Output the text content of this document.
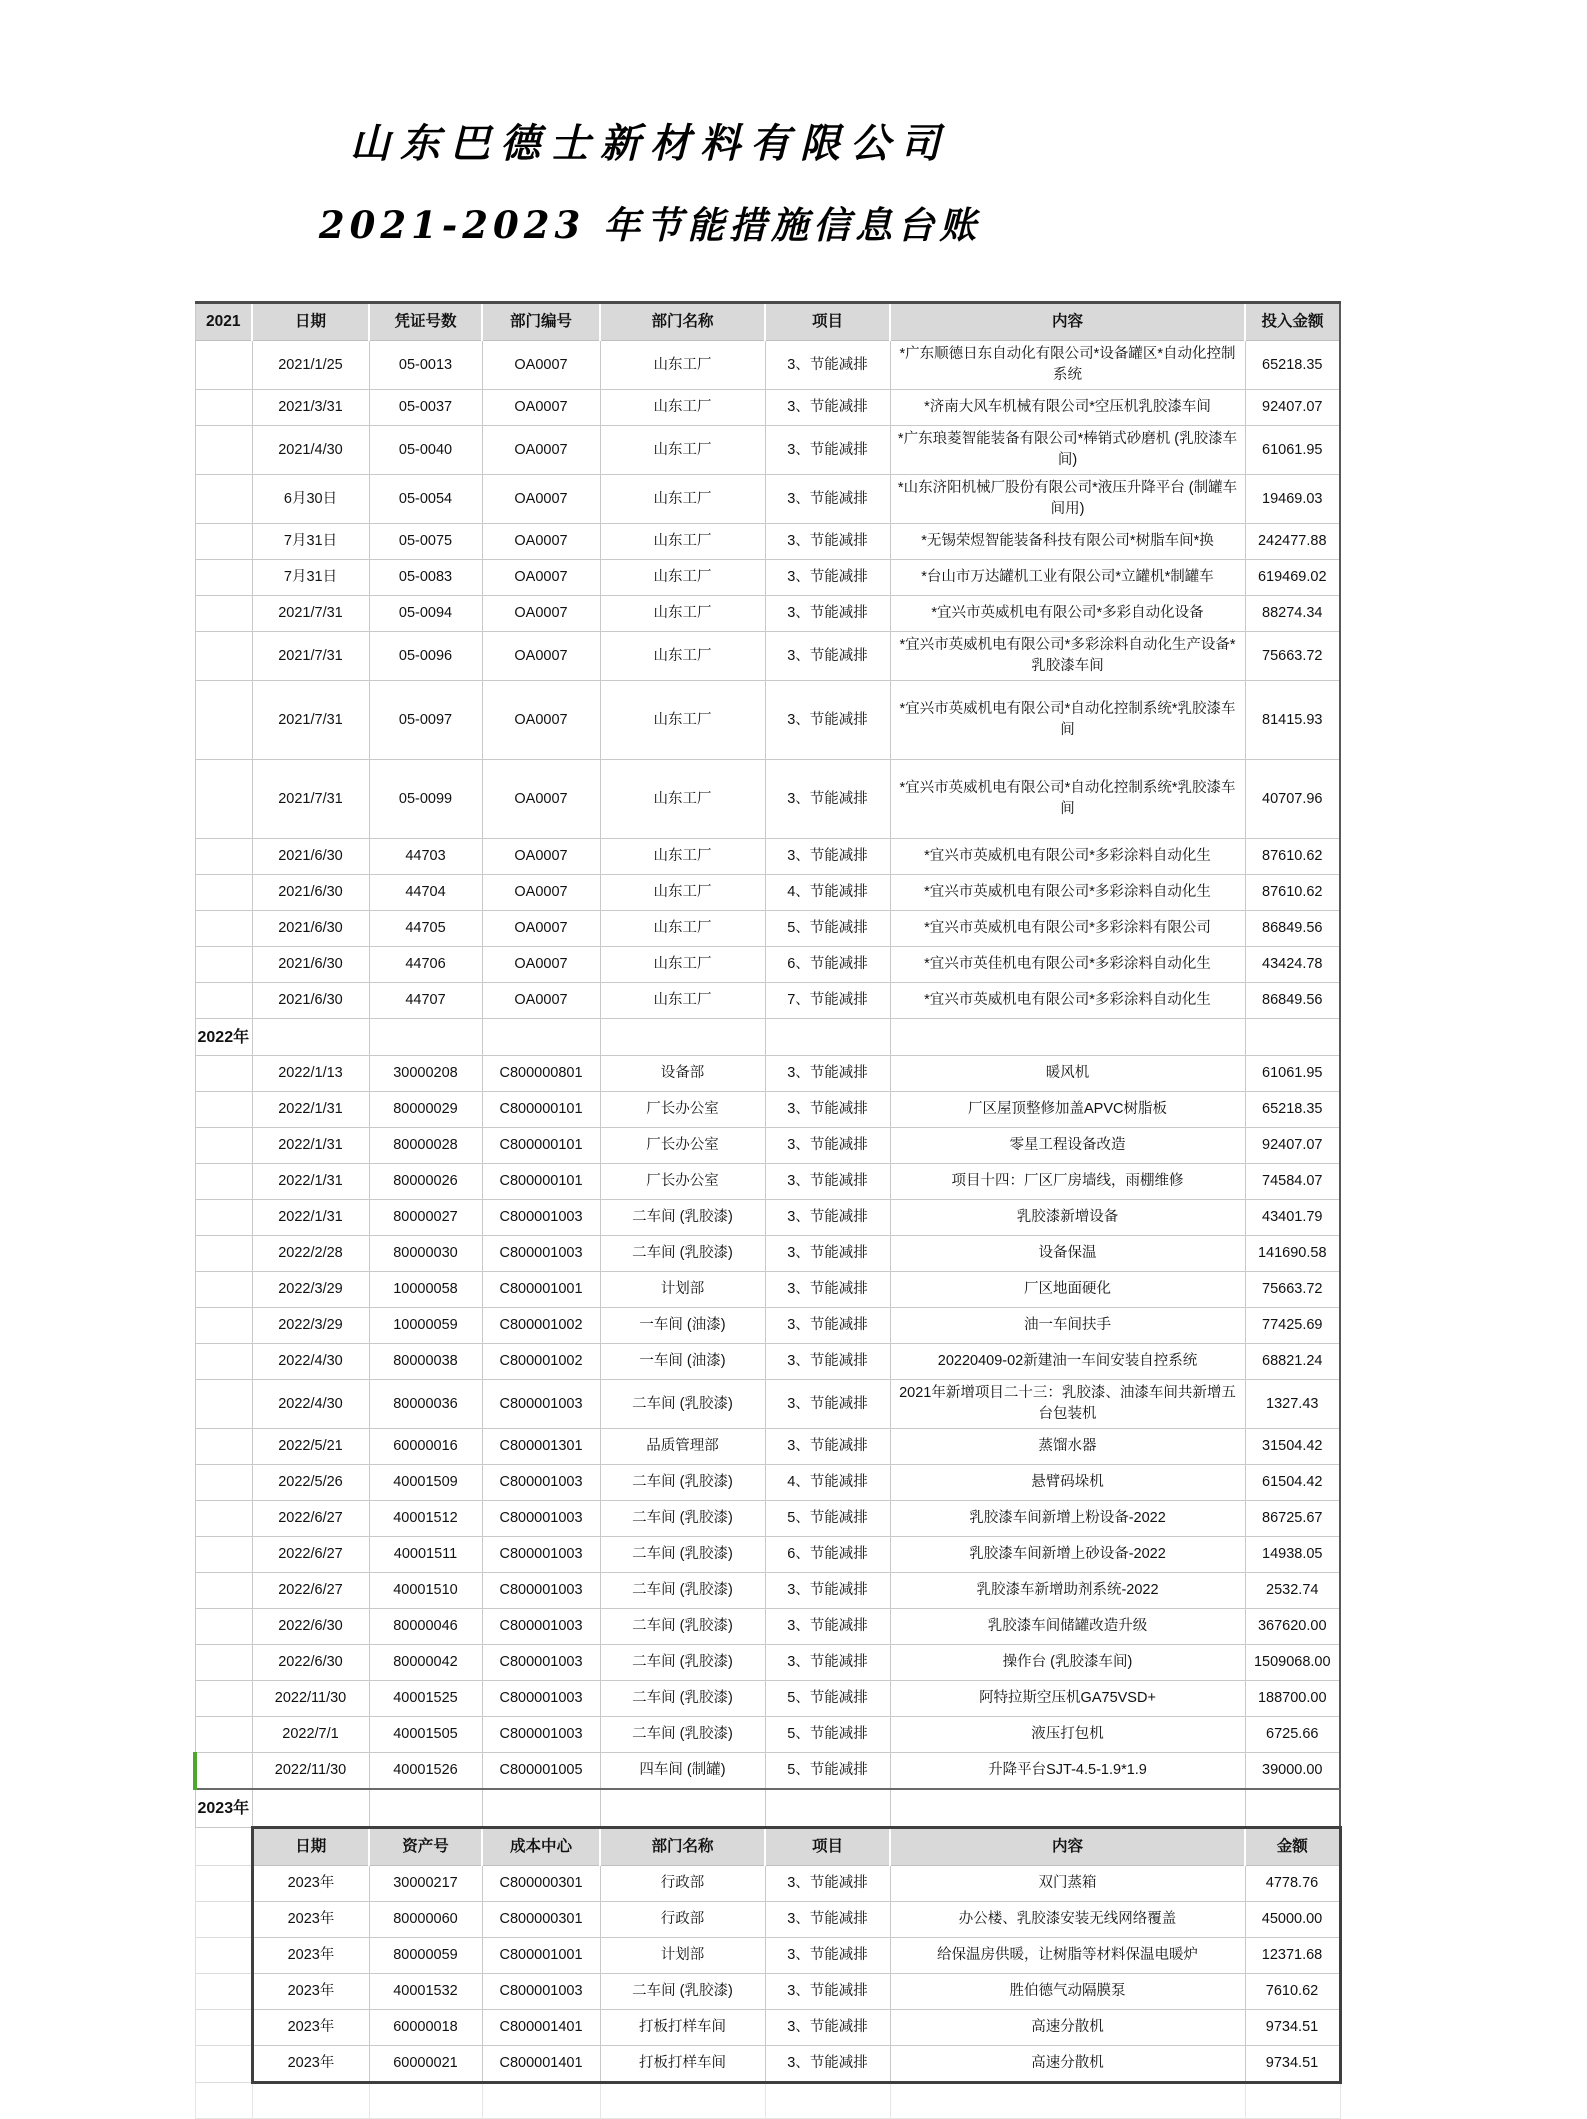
山东巴德士新材料有限公司
2021-2023 年节能措施信息台账
2021	日期	凭证号数	部门编号	部门名称	项目	内容	投入金额
	2021/1/25	05-0013	OA0007	山东工厂	3、节能减排	*广东顺德日东自动化有限公司*设备罐区*自动化控制系统	65218.35
	2021/3/31	05-0037	OA0007	山东工厂	3、节能减排	*济南大风车机械有限公司*空压机乳胶漆车间	92407.07
	2021/4/30	05-0040	OA0007	山东工厂	3、节能减排	*广东琅菱智能装备有限公司*棒销式砂磨机 (乳胶漆车间)	61061.95
	6月30日	05-0054	OA0007	山东工厂	3、节能减排	*山东济阳机械厂股份有限公司*液压升降平台 (制罐车间用)	19469.03
	7月31日	05-0075	OA0007	山东工厂	3、节能减排	*无锡荣煜智能装备科技有限公司*树脂车间*换	242477.88
	7月31日	05-0083	OA0007	山东工厂	3、节能减排	*台山市万达罐机工业有限公司*立罐机*制罐车	619469.02
	2021/7/31	05-0094	OA0007	山东工厂	3、节能减排	*宜兴市英威机电有限公司*多彩自动化设备	88274.34
	2021/7/31	05-0096	OA0007	山东工厂	3、节能减排	*宜兴市英威机电有限公司*多彩涂料自动化生产设备*乳胶漆车间	75663.72
	2021/7/31	05-0097	OA0007	山东工厂	3、节能减排	*宜兴市英威机电有限公司*自动化控制系统*乳胶漆车间	81415.93
	2021/7/31	05-0099	OA0007	山东工厂	3、节能减排	*宜兴市英威机电有限公司*自动化控制系统*乳胶漆车间	40707.96
	2021/6/30	44703	OA0007	山东工厂	3、节能减排	*宜兴市英威机电有限公司*多彩涂料自动化生	87610.62
	2021/6/30	44704	OA0007	山东工厂	4、节能减排	*宜兴市英威机电有限公司*多彩涂料自动化生	87610.62
	2021/6/30	44705	OA0007	山东工厂	5、节能减排	*宜兴市英威机电有限公司*多彩涂料有限公司	86849.56
	2021/6/30	44706	OA0007	山东工厂	6、节能减排	*宜兴市英佳机电有限公司*多彩涂料自动化生	43424.78
	2021/6/30	44707	OA0007	山东工厂	7、节能减排	*宜兴市英威机电有限公司*多彩涂料自动化生	86849.56
2022年							
	2022/1/13	30000208	C800000801	设备部	3、节能减排	暖风机	61061.95
	2022/1/31	80000029	C800000101	厂长办公室	3、节能减排	厂区屋顶整修加盖APVC树脂板	65218.35
	2022/1/31	80000028	C800000101	厂长办公室	3、节能减排	零星工程设备改造	92407.07
	2022/1/31	80000026	C800000101	厂长办公室	3、节能减排	项目十四：厂区厂房墙线，雨棚维修	74584.07
	2022/1/31	80000027	C800001003	二车间 (乳胶漆)	3、节能减排	乳胶漆新增设备	43401.79
	2022/2/28	80000030	C800001003	二车间 (乳胶漆)	3、节能减排	设备保温	141690.58
	2022/3/29	10000058	C800001001	计划部	3、节能减排	厂区地面硬化	75663.72
	2022/3/29	10000059	C800001002	一车间 (油漆)	3、节能减排	油一车间扶手	77425.69
	2022/4/30	80000038	C800001002	一车间 (油漆)	3、节能减排	20220409-02新建油一车间安装自控系统	68821.24
	2022/4/30	80000036	C800001003	二车间 (乳胶漆)	3、节能减排	2021年新增项目二十三：乳胶漆、油漆车间共新增五台包装机	1327.43
	2022/5/21	60000016	C800001301	品质管理部	3、节能减排	蒸馏水器	31504.42
	2022/5/26	40001509	C800001003	二车间 (乳胶漆)	4、节能减排	悬臂码垛机	61504.42
	2022/6/27	40001512	C800001003	二车间 (乳胶漆)	5、节能减排	乳胶漆车间新增上粉设备-2022	86725.67
	2022/6/27	40001511	C800001003	二车间 (乳胶漆)	6、节能减排	乳胶漆车间新增上砂设备-2022	14938.05
	2022/6/27	40001510	C800001003	二车间 (乳胶漆)	3、节能减排	乳胶漆车新增助剂系统-2022	2532.74
	2022/6/30	80000046	C800001003	二车间 (乳胶漆)	3、节能减排	乳胶漆车间储罐改造升级	367620.00
	2022/6/30	80000042	C800001003	二车间 (乳胶漆)	3、节能减排	操作台 (乳胶漆车间)	1509068.00
	2022/11/30	40001525	C800001003	二车间 (乳胶漆)	5、节能减排	阿特拉斯空压机GA75VSD+	188700.00
	2022/7/1	40001505	C800001003	二车间 (乳胶漆)	5、节能减排	液压打包机	6725.66
	2022/11/30	40001526	C800001005	四车间 (制罐)	5、节能减排	升降平台SJT-4.5-1.9*1.9	39000.00
2023年							
	日期	资产号	成本中心	部门名称	项目	内容	金额
	2023年	30000217	C800000301	行政部	3、节能减排	双门蒸箱	4778.76
	2023年	80000060	C800000301	行政部	3、节能减排	办公楼、乳胶漆安装无线网络覆盖	45000.00
	2023年	80000059	C800001001	计划部	3、节能减排	给保温房供暖，让树脂等材料保温电暖炉	12371.68
	2023年	40001532	C800001003	二车间 (乳胶漆)	3、节能减排	胜伯德气动隔膜泵	7610.62
	2023年	60000018	C800001401	打板打样车间	3、节能减排	高速分散机	9734.51
	2023年	60000021	C800001401	打板打样车间	3、节能减排	高速分散机	9734.51
